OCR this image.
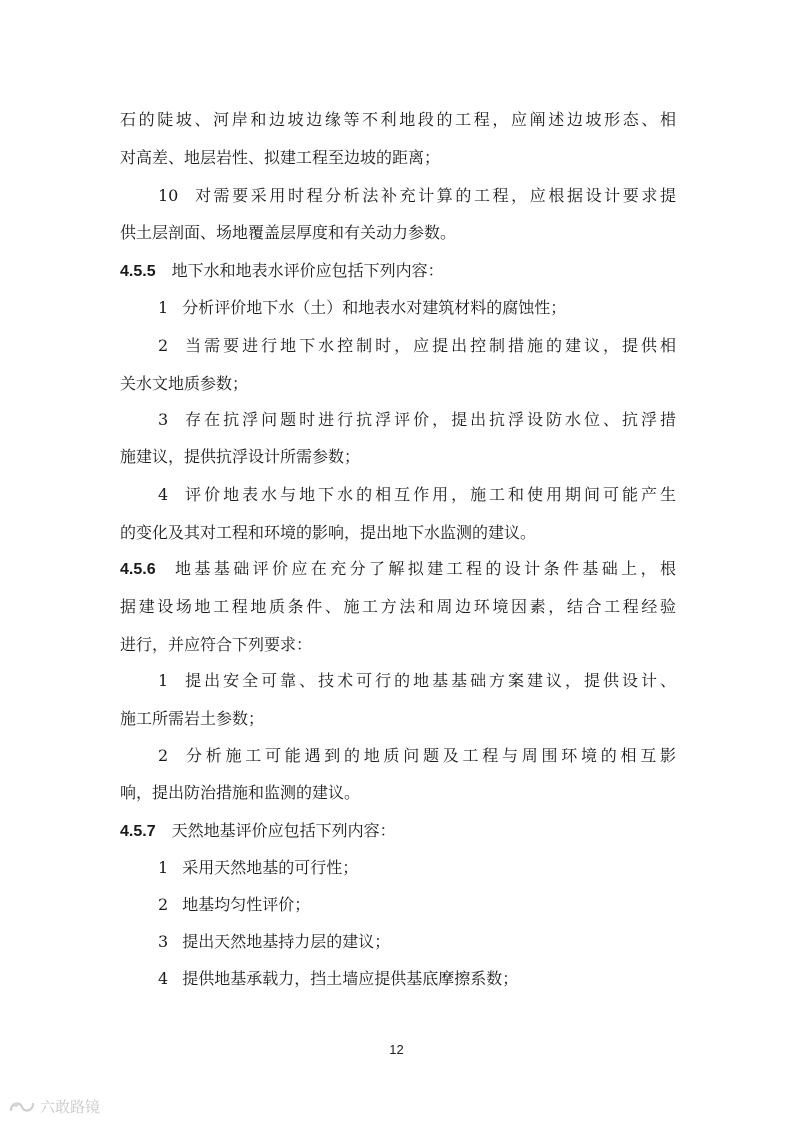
石的陡坡、河岸和边坡边缘等不利地段的工程，应阐述边坡形态、相
对高差、地层岩性、拟建工程至边坡的距离；
10 对需要采用时程分析法补充计算的工程，应根据设计要求提
供土层剖面、场地覆盖层厚度和有关动力参数。
4.5.5 地下水和地表水评价应包括下列内容：
1 分析评价地下水（土）和地表水对建筑材料的腐蚀性；
2 当需要进行地下水控制时，应提出控制措施的建议，提供相
关水文地质参数；
3 存在抗浮问题时进行抗浮评价，提出抗浮设防水位、抗浮措
施建议，提供抗浮设计所需参数；
4 评价地表水与地下水的相互作用，施工和使用期间可能产生
的变化及其对工程和环境的影响，提出地下水监测的建议。
4.5.6 地基基础评价应在充分了解拟建工程的设计条件基础上，根
据建设场地工程地质条件、施工方法和周边环境因素，结合工程经验
进行，并应符合下列要求：
1 提出安全可靠、技术可行的地基基础方案建议，提供设计、
施工所需岩土参数；
2 分析施工可能遇到的地质问题及工程与周围环境的相互影
响，提出防治措施和监测的建议。
4.5.7 天然地基评价应包括下列内容：
1 采用天然地基的可行性；
2 地基均匀性评价；
3 提出天然地基持力层的建议；
4 提供地基承载力，挡土墙应提供基底摩擦系数；
12
六敢路镜
